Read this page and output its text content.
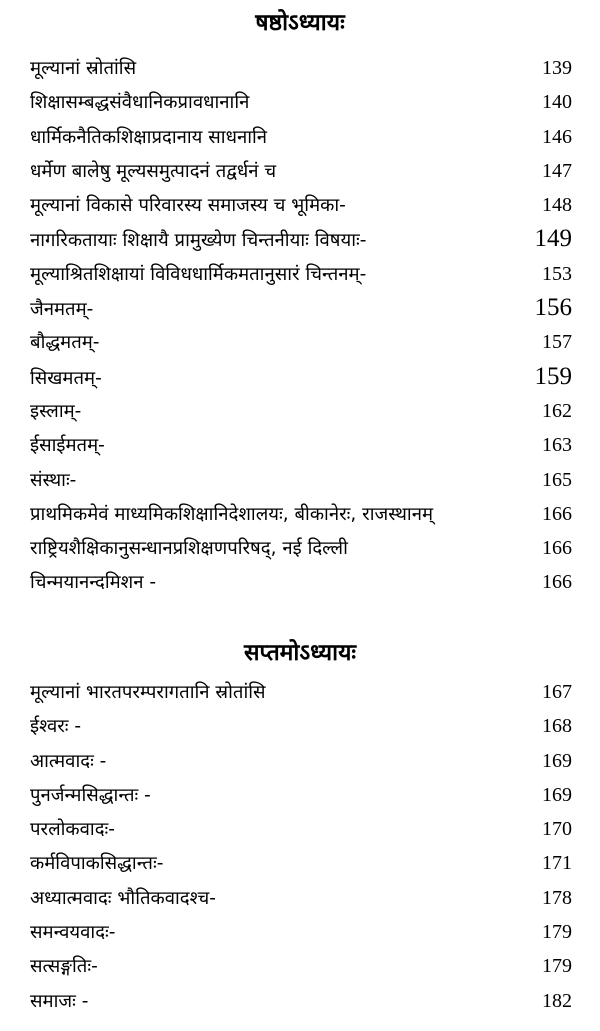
षष्ठोऽध्यायः
मूल्यानां स्रोतांसि	139
शिक्षासम्बद्धसंवैधानिकप्रावधानानि	140
धार्मिकनैतिकशिक्षाप्रदानाय साधनानि	146
धर्मेण बालेषु मूल्यसमुत्पादनं तद्वर्धनं च	147
मूल्यानां विकासे परिवारस्य समाजस्य च भूमिका-	148
नागरिकतायाः शिक्षायै प्रामुख्येण चिन्तनीयाः विषयाः-	149
मूल्याश्रितशिक्षायां विविधधार्मिकमतानुसारं चिन्तनम्-	153
जैनमतम्-	156
बौद्धमतम्-	157
सिखमतम्-	159
इस्लाम्-	162
ईसाईमतम्-	163
संस्थाः-	165
प्राथमिकमेवं माध्यमिकशिक्षानिदेशालयः, बीकानेरः, राजस्थानम्	166
राष्ट्रियशैक्षिकानुसन्धानप्रशिक्षणपरिषद्, नई दिल्ली	166
चिन्मयानन्दमिशन -	166
सप्तमोऽध्यायः
मूल्यानां भारतपरम्परागतानि स्रोतांसि	167
ईश्वरः -	168
आत्मवादः -	169
पुनर्जन्मसिद्धान्तः -	169
परलोकवादः-	170
कर्मविपाकसिद्धान्तः-	171
अध्यात्मवादः भौतिकवादश्च-	178
समन्वयवादः-	179
सत्सङ्गतिः-	179
समाजः -	182
